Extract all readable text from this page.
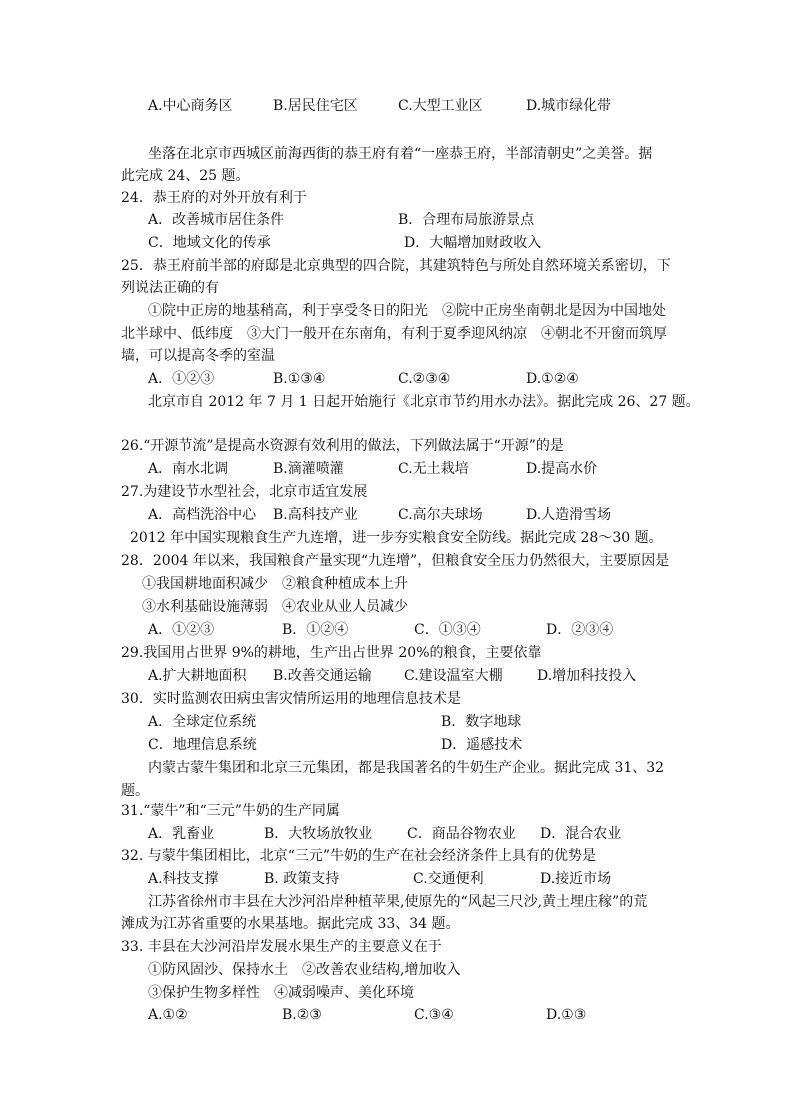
A.中心商务区	B.居民住宅区	C.大型工业区	D.城市绿化带
坐落在北京市西城区前海西街的恭王府有着“一座恭王府，半部清朝史”之美誉。据
此完成 24、25 题。
24．恭王府的对外开放有利于
A．改善城市居住条件	B．合理布局旅游景点
C．地域文化的传承	D．大幅增加财政收入
25．恭王府前半部的府邸是北京典型的四合院，其建筑特色与所处自然环境关系密切，下
列说法正确的有
①院中正房的地基稍高，利于享受冬日的阳光　②院中正房坐南朝北是因为中国地处
北半球中、低纬度　③大门一般开在东南角，有利于夏季迎风纳凉　④朝北不开窗而筑厚
墙，可以提高冬季的室温
A．①②③	B.①③④	C.②③④	D.①②④
北京市自 2012 年 7 月 1 日起开始施行《北京市节约用水办法》。据此完成 26、27 题。
26.“开源节流”是提高水资源有效利用的做法，下列做法属于“开源”的是
A．南水北调	B.滴灌喷灌	C.无土栽培	D.提高水价
27.为建设节水型社会，北京市适宜发展
A．高档洗浴中心 B.高科技产业	C.高尔夫球场	D.人造滑雪场
2012 年中国实现粮食生产九连增，进一步夯实粮食安全防线。据此完成 28～30 题。
28．2004 年以来，我国粮食产量实现“九连增”，但粮食安全压力仍然很大，主要原因是
①我国耕地面积减少　②粮食种植成本上升
③水利基础设施薄弱　④农业从业人员减少
A．①②③	B．①②④	C．①③④	D．②③④
29.我国用占世界 9%的耕地，生产出占世界 20%的粮食，主要依靠
A.扩大耕地面积 B.改善交通运输 C.建设温室大棚 D.增加科技投入
30．实时监测农田病虫害灾情所运用的地理信息技术是
A．全球定位系统	B．数字地球
C．地理信息系统	D．遥感技术
内蒙古蒙牛集团和北京三元集团，都是我国著名的牛奶生产企业。据此完成 31、32
题。
31.“蒙牛”和“三元”牛奶的生产同属
A．乳畜业	B．大牧场放牧业 C．商品谷物农业 D．混合农业
32. 与蒙牛集团相比，北京“三元”牛奶的生产在社会经济条件上具有的优势是
A.科技支撑	B. 政策支持	C.交通便利	D.接近市场
江苏省徐州市丰县在大沙河沿岸种植苹果,使原先的“风起三尺沙,黄土埋庄稼”的荒
滩成为江苏省重要的水果基地。据此完成 33、34 题。
33. 丰县在大沙河沿岸发展水果生产的主要意义在于
①防风固沙、保持水土　②改善农业结构,增加收入
③保护生物多样性　④减弱噪声、美化环境
A.①②	B.②③	C.③④	D.①③
